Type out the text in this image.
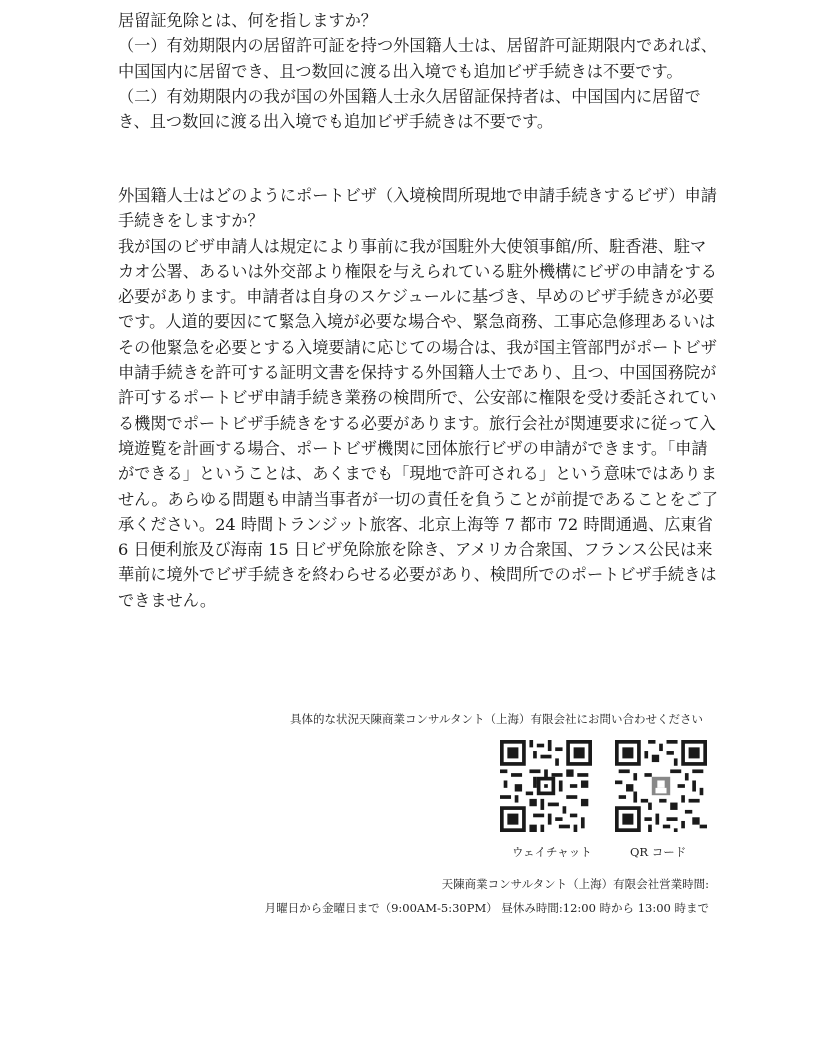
居留証免除とは、何を指しますか？

（一）有効期限内の居留許可証を持つ外国籍人士は、居留許可証期限内であれば、中国国内に居留でき、且つ数回に渡る出入境でも追加ビザ手続きは不要です。

（二）有効期限内の我が国の外国籍人士永久居留証保持者は、中国国内に居留でき、且つ数回に渡る出入境でも追加ビザ手続きは不要です。

外国籍人士はどのようにポートビザ（入境検問所現地で申請手続きするビザ）申請手続きをしますか？

我が国のビザ申請人は規定により事前に我が国駐外大使領事館/所、駐香港、駐マカオ公署、あるいは外交部より権限を与えられている駐外機構にビザの申請をする必要があります。申請者は自身のスケジュールに基づき、早めのビザ手続きが必要です。人道的要因にて緊急入境が必要な場合や、緊急商務、工事応急修理あるいはその他緊急を必要とする入境要請に応じての場合は、我が国主管部門がポートビザ申請手続きを許可する証明文書を保持する外国籍人士であり、且つ、中国国務院が許可するポートビザ申請手続き業務の検問所で、公安部に権限を受け委託されている機関でポートビザ手続きをする必要があります。旅行会社が関連要求に従って入境遊覧を計画する場合、ポートビザ機関に団体旅行ビザの申請ができます。「申請ができる」ということは、あくまでも「現地で許可される」という意味ではありません。あらゆる問題も申請当事者が一切の責任を負うことが前提であることをご了承ください。24 時間トランジット旅客、北京上海等 7 都市 72 時間通過、広東省 6 日便利旅及び海南 15 日ビザ免除旅を除き、アメリカ合衆国、フランス公民は来華前に境外でビザ手続きを終わらせる必要があり、検問所でのポートビザ手続きはできません。

具体的な状況天陳商業コンサルタント（上海）有限会社にお問い合わせください
ウェイチャット	QR コード
天陳商業コンサルタント（上海）有限会社営業時間:
月曜日から金曜日まで（9:00AM-5:30PM） 昼休み時間:12:00 時から 13:00 時まで
